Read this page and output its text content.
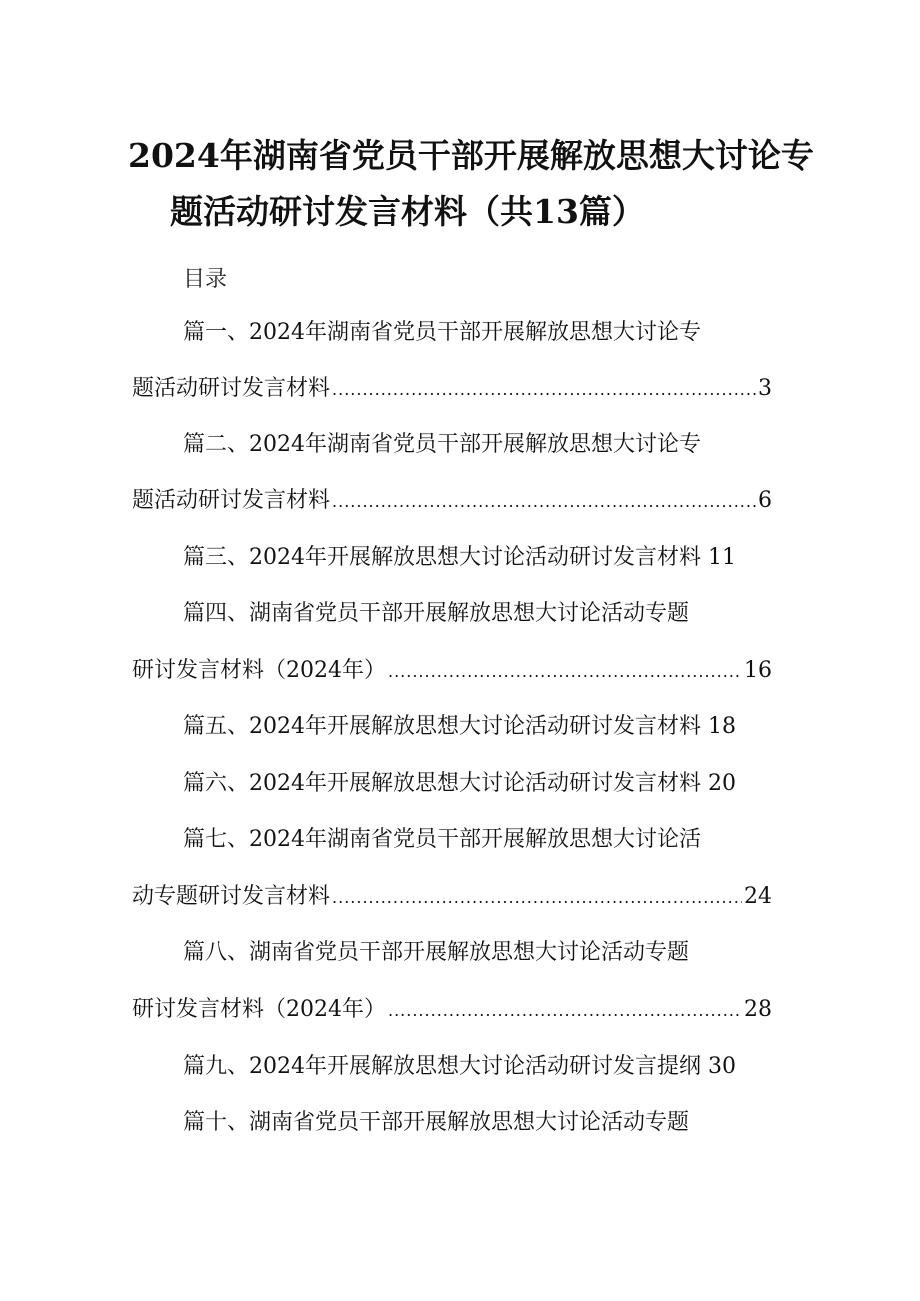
2024年湖南省党员干部开展解放思想大讨论专
题活动研讨发言材料（共13篇）
目录
篇一、2024年湖南省党员干部开展解放思想大讨论专
题活动研讨发言材料 .....	3
篇二、2024年湖南省党员干部开展解放思想大讨论专
题活动研讨发言材料 .....	6
篇三、2024年开展解放思想大讨论活动研讨发言材料 11
篇四、湖南省党员干部开展解放思想大讨论活动专题
研讨发言材料（2024年） .....	16
篇五、2024年开展解放思想大讨论活动研讨发言材料 18
篇六、2024年开展解放思想大讨论活动研讨发言材料 20
篇七、2024年湖南省党员干部开展解放思想大讨论活
动专题研讨发言材料 .....	24
篇八、湖南省党员干部开展解放思想大讨论活动专题
研讨发言材料（2024年） .....	28
篇九、2024年开展解放思想大讨论活动研讨发言提纲 30
篇十、湖南省党员干部开展解放思想大讨论活动专题
